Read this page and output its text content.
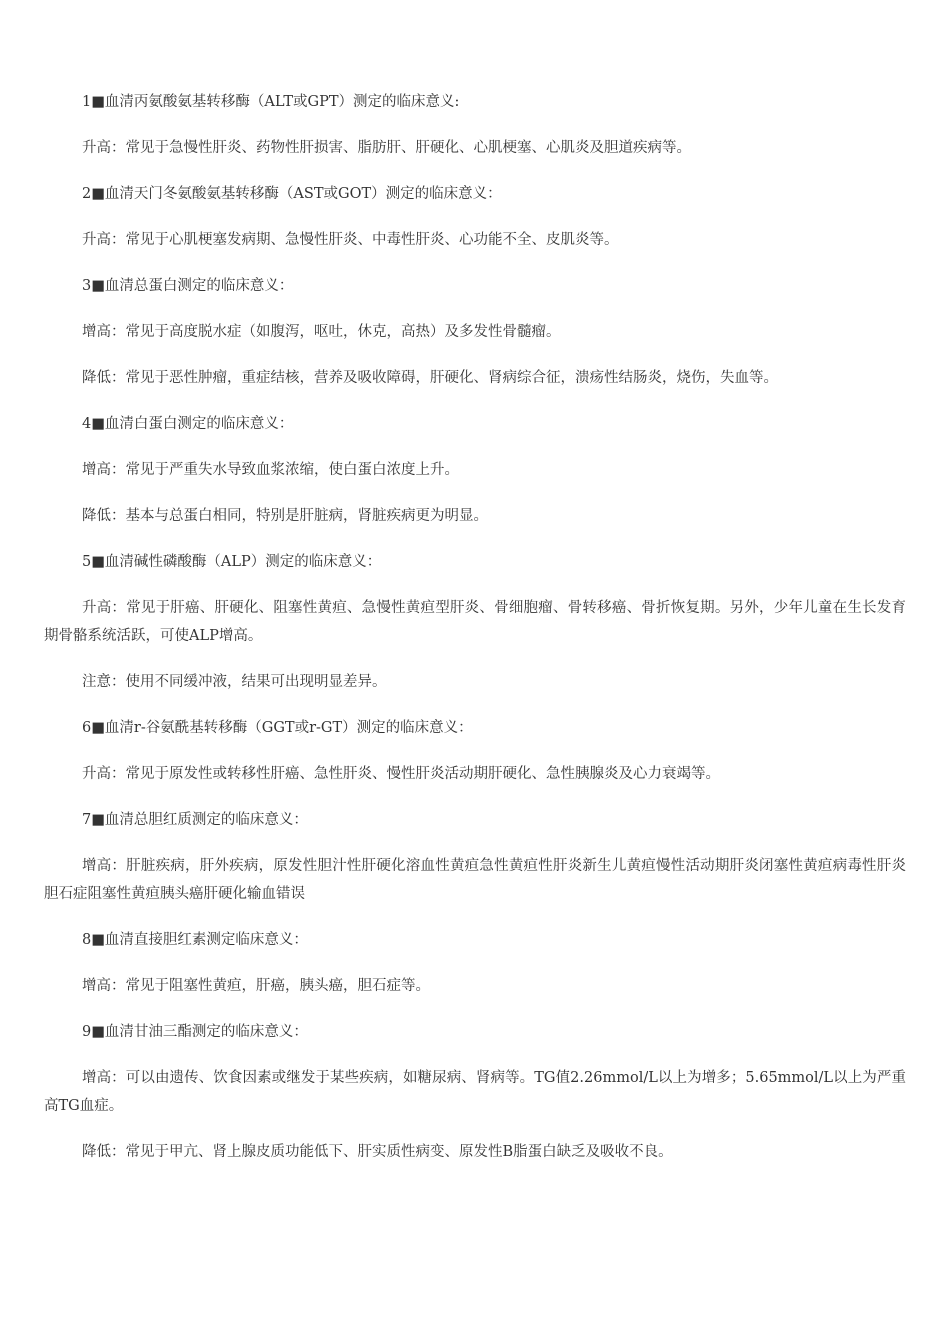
1■血清丙氨酸氨基转移酶（ALT或GPT）测定的临床意义:

升高：常见于急慢性肝炎、药物性肝损害、脂肪肝、肝硬化、心肌梗塞、心肌炎及胆道疾病等。

2■血清天门冬氨酸氨基转移酶（AST或GOT）测定的临床意义：

升高：常见于心肌梗塞发病期、急慢性肝炎、中毒性肝炎、心功能不全、皮肌炎等。

3■血清总蛋白测定的临床意义：

增高：常见于高度脱水症（如腹泻，呕吐，休克，高热）及多发性骨髓瘤。

降低：常见于恶性肿瘤，重症结核，营养及吸收障碍，肝硬化、肾病综合征，溃疡性结肠炎，烧伤，失血等。

4■血清白蛋白测定的临床意义：

增高：常见于严重失水导致血浆浓缩，使白蛋白浓度上升。

降低：基本与总蛋白相同，特别是肝脏病，肾脏疾病更为明显。

5■血清碱性磷酸酶（ALP）测定的临床意义：

升高：常见于肝癌、肝硬化、阻塞性黄疸、急慢性黄疸型肝炎、骨细胞瘤、骨转移癌、骨折恢复期。另外，少年儿童在生长发育期骨骼系统活跃，可使ALP增高。

注意：使用不同缓冲液，结果可出现明显差异。

6■血清r-谷氨酰基转移酶（GGT或r-GT）测定的临床意义：

升高：常见于原发性或转移性肝癌、急性肝炎、慢性肝炎活动期肝硬化、急性胰腺炎及心力衰竭等。

7■血清总胆红质测定的临床意义：

增高：肝脏疾病，肝外疾病，原发性胆汁性肝硬化溶血性黄疸急性黄疸性肝炎新生儿黄疸慢性活动期肝炎闭塞性黄疸病毒性肝炎胆石症阻塞性黄疸胰头癌肝硬化输血错误

8■血清直接胆红素测定临床意义：

增高：常见于阻塞性黄疸，肝癌，胰头癌，胆石症等。

9■血清甘油三酯测定的临床意义：

增高：可以由遗传、饮食因素或继发于某些疾病，如糖尿病、肾病等。TG值2.26mmol/L以上为增多；5.65mmol/L以上为严重高TG血症。

降低：常见于甲亢、肾上腺皮质功能低下、肝实质性病变、原发性B脂蛋白缺乏及吸收不良。
